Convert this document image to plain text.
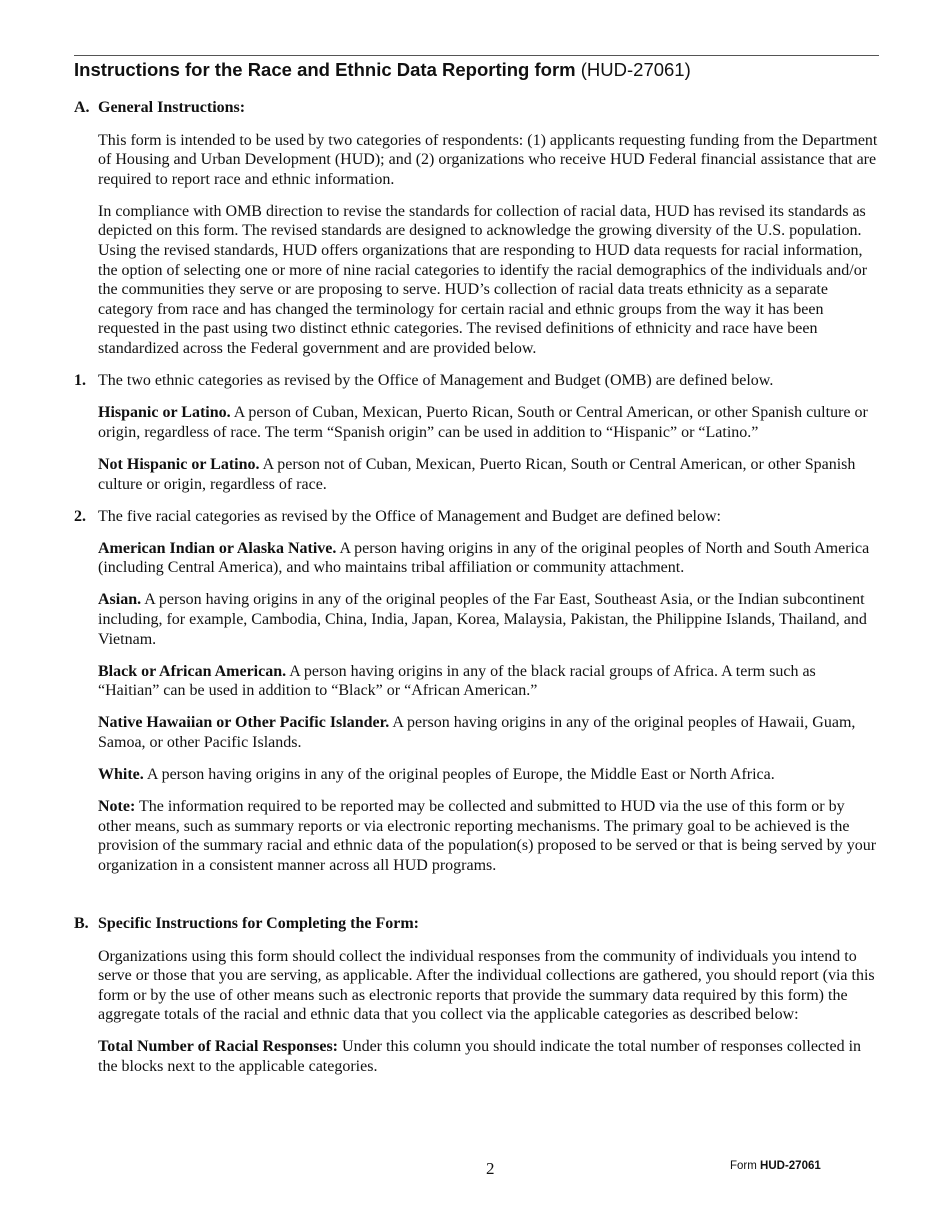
Instructions for the Race and Ethnic Data Reporting form (HUD-27061)
A. General Instructions:

This form is intended to be used by two categories of respondents: (1) applicants requesting funding from the Department of Housing and Urban Development (HUD); and (2) organizations who receive HUD Federal financial assistance that are required to report race and ethnic information.

In compliance with OMB direction to revise the standards for collection of racial data, HUD has revised its standards as depicted on this form. The revised standards are designed to acknowledge the growing diversity of the U.S. population. Using the revised standards, HUD offers organizations that are responding to HUD data requests for racial information, the option of selecting one or more of nine racial categories to identify the racial demographics of the individuals and/or the communities they serve or are proposing to serve. HUD’s collection of racial data treats ethnicity as a separate category from race and has changed the terminology for certain racial and ethnic groups from the way it has been requested in the past using two distinct ethnic categories. The revised definitions of ethnicity and race have been standardized across the Federal government and are provided below.

1. The two ethnic categories as revised by the Office of Management and Budget (OMB) are defined below.

Hispanic or Latino. A person of Cuban, Mexican, Puerto Rican, South or Central American, or other Spanish culture or origin, regardless of race. The term “Spanish origin” can be used in addition to “Hispanic” or “Latino.”

Not Hispanic or Latino. A person not of Cuban, Mexican, Puerto Rican, South or Central American, or other Spanish culture or origin, regardless of race.

2. The five racial categories as revised by the Office of Management and Budget are defined below:

American Indian or Alaska Native. A person having origins in any of the original peoples of North and South America (including Central America), and who maintains tribal affiliation or community attachment.

Asian. A person having origins in any of the original peoples of the Far East, Southeast Asia, or the Indian subcontinent including, for example, Cambodia, China, India, Japan, Korea, Malaysia, Pakistan, the Philippine Islands, Thailand, and Vietnam.

Black or African American. A person having origins in any of the black racial groups of Africa. A term such as “Haitian” can be used in addition to “Black” or “African American.”

Native Hawaiian or Other Pacific Islander. A person having origins in any of the original peoples of Hawaii, Guam, Samoa, or other Pacific Islands.

White. A person having origins in any of the original peoples of Europe, the Middle East or North Africa.

Note: The information required to be reported may be collected and submitted to HUD via the use of this form or by other means, such as summary reports or via electronic reporting mechanisms. The primary goal to be achieved is the provision of the summary racial and ethnic data of the population(s) proposed to be served or that is being served by your organization in a consistent manner across all HUD programs.

B. Specific Instructions for Completing the Form:

Organizations using this form should collect the individual responses from the community of individuals you intend to serve or those that you are serving, as applicable. After the individual collections are gathered, you should report (via this form or by the use of other means such as electronic reports that provide the summary data required by this form) the aggregate totals of the racial and ethnic data that you collect via the applicable categories as described below:

Total Number of Racial Responses: Under this column you should indicate the total number of responses collected in the blocks next to the applicable categories.

2	Form HUD-27061
